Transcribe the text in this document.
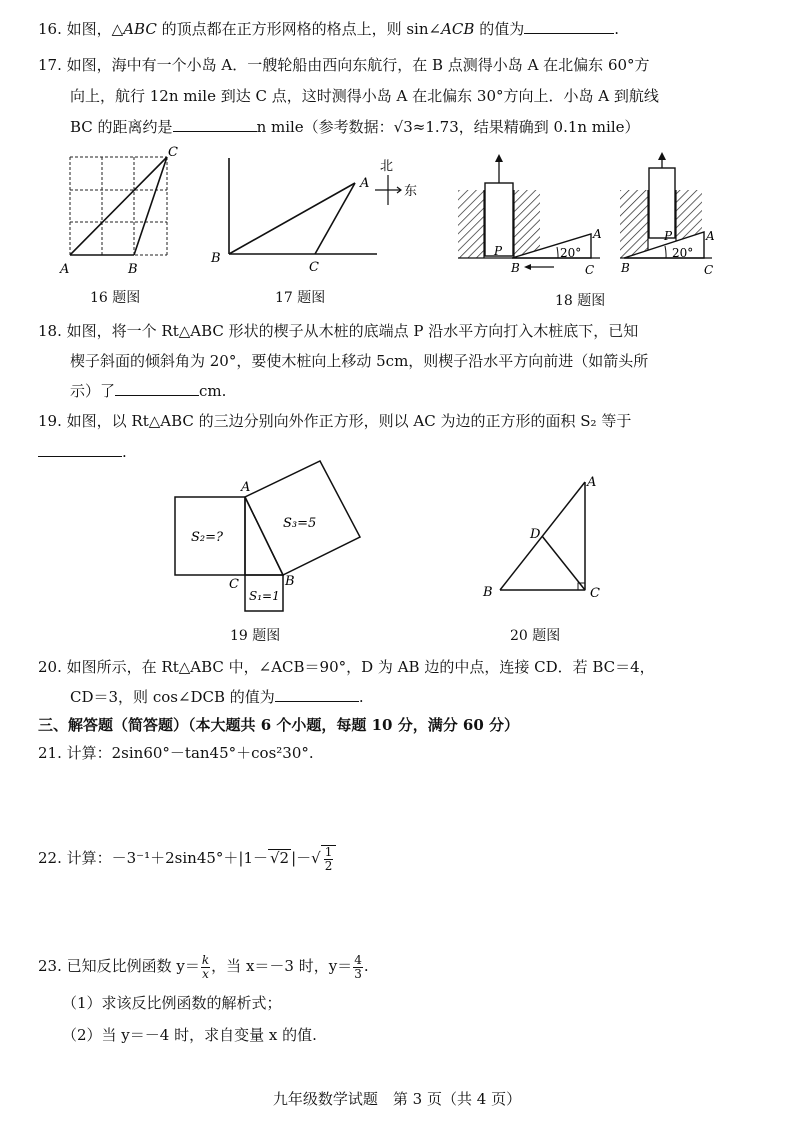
16. 如图，△ABC 的顶点都在正方形网格的格点上，则 sin∠ACB 的值为	.
17. 如图，海中有一个小岛 A．一艘轮船由西向东航行，在 B 点测得小岛 A 在北偏东 60°方
向上，航行 12n mile 到达 C 点，这时测得小岛 A 在北偏东 30°方向上．小岛 A 到航线
BC 的距离约是	n mile（参考数据：√3≈1.73，结果精确到 0.1n mile）
A	B
C
16 题图
B
C
A
北
东
17 题图
P
B	C
A
20°
P
B	C
A
20°
18 题图
18. 如图，将一个 Rt△ABC 形状的楔子从木桩的底端点 P 沿水平方向打入木桩底下，已知
楔子斜面的倾斜角为 20°，要使木桩向上移动 5cm，则楔子沿水平方向前进（如箭头所
示）了	cm.
19. 如图，以 Rt△ABC 的三边分别向外作正方形，则以 AC 为边的正方形的面积 S₂ 等于
.
A
C	B
S₂=?
S₃=5
S₁=1
19 题图
A
D
B	C
20 题图
20. 如图所示，在 Rt△ABC 中，∠ACB＝90°，D 为 AB 边的中点，连接 CD．若 BC＝4，
CD＝3，则 cos∠DCB 的值为	.
三、解答题（简答题）（本大题共 6 个小题，每题 10 分，满分 60 分）
21. 计算：2sin60°－tan45°＋cos²30°.
22. 计算：－3⁻¹＋2sin45°＋|1－ √2 |－√ $\frac{1}{2}$
23. 已知反比例函数 $y= \frac{k}{x}$ ，当 x＝－3 时，$y= \frac{4}{3}$ .
（1）求该反比例函数的解析式；
（2）当 y＝－4 时，求自变量 x 的值.
九年级数学试题　第 3 页（共 4 页）
